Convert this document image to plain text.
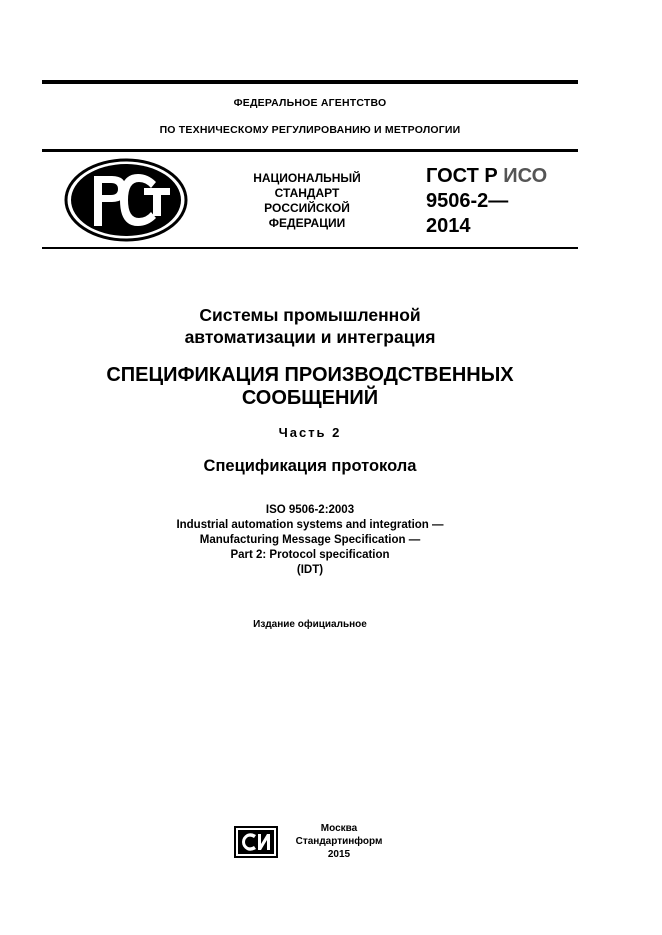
ФЕДЕРАЛЬНОЕ АГЕНТСТВО
ПО ТЕХНИЧЕСКОМУ РЕГУЛИРОВАНИЮ И МЕТРОЛОГИИ
НАЦИОНАЛЬНЫЙ
СТАНДАРТ
РОССИЙСКОЙ
ФЕДЕРАЦИИ
ГОСТ Р ИСО
9506-2—
2014
Системы промышленной
автоматизации и интеграция
СПЕЦИФИКАЦИЯ ПРОИЗВОДСТВЕННЫХ
СООБЩЕНИЙ
Часть 2
Спецификация протокола
ISO 9506-2:2003
Industrial automation systems and integration —
Manufacturing Message Specification —
Part 2: Protocol specification
(IDT)
Издание официальное
Москва
Стандартинформ
2015
